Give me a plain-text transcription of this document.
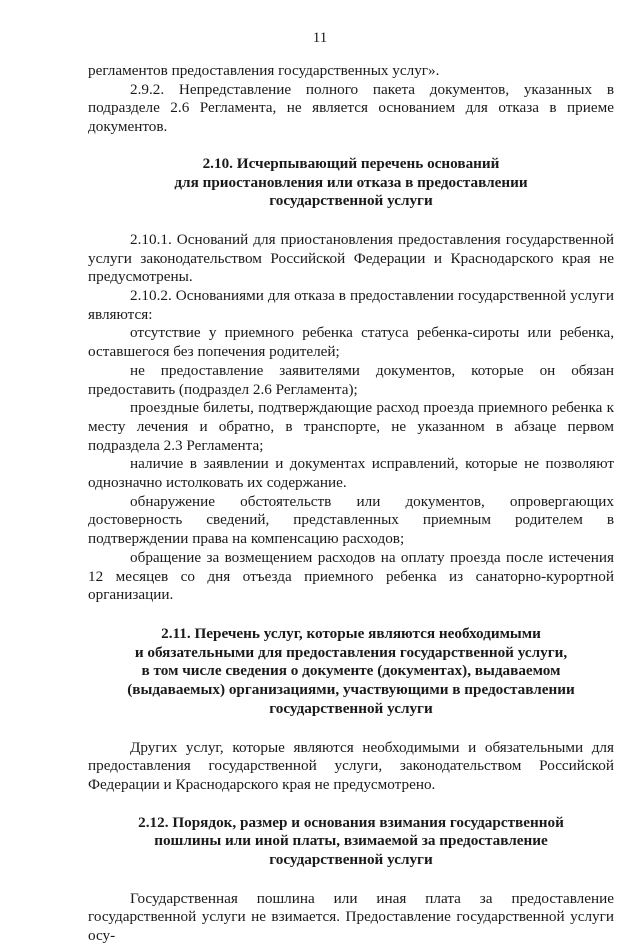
11

регламентов предоставления государственных услуг».

2.9.2. Непредставление полного пакета документов, указанных в подразделе 2.6 Регламента, не является основанием для отказа в приеме документов.

2.10. Исчерпывающий перечень оснований
для приостановления или отказа в предоставлении
государственной услуги

2.10.1. Оснований для приостановления предоставления государственной услуги законодательством Российской Федерации и Краснодарского края не предусмотрены.

2.10.2. Основаниями для отказа в предоставлении государственной услуги являются:

отсутствие у приемного ребенка статуса ребенка-сироты или ребенка, оставшегося без попечения родителей;

не предоставление заявителями документов, которые он обязан предоставить (подраздел 2.6 Регламента);

проездные билеты, подтверждающие расход проезда приемного ребенка к месту лечения и обратно, в транспорте, не указанном в абзаце первом подраздела 2.3 Регламента;

наличие в заявлении и документах исправлений, которые не позволяют однозначно истолковать их содержание.

обнаружение обстоятельств или документов, опровергающих достоверность сведений, представленных приемным родителем в подтверждении права на компенсацию расходов;

обращение за возмещением расходов на оплату проезда после истечения 12 месяцев со дня отъезда приемного ребенка из санаторно-курортной организации.

2.11. Перечень услуг, которые являются необходимыми
и обязательными для предоставления государственной услуги,
в том числе сведения о документе (документах), выдаваемом
(выдаваемых) организациями, участвующими в предоставлении
государственной услуги

Других услуг, которые являются необходимыми и обязательными для предоставления государственной услуги, законодательством Российской Федерации и Краснодарского края не предусмотрено.

2.12. Порядок, размер и основания взимания государственной
пошлины или иной платы, взимаемой за предоставление
государственной услуги

Государственная пошлина или иная плата за предоставление государственной услуги не взимается. Предоставление государственной услуги осу-
